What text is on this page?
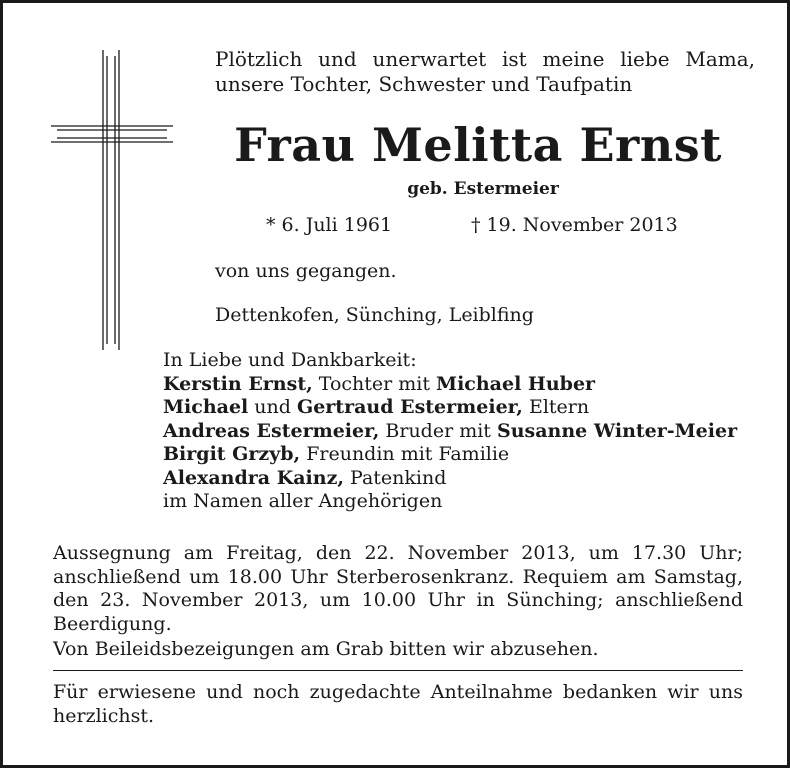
Plötzlich und unerwartet ist meine liebe Mama, unsere Tochter, Schwester und Taufpatin
Frau Melitta Ernst
geb. Estermeier
* 6. Juli 1961	† 19. November 2013
von uns gegangen.
Dettenkofen, Sünching, Leiblfing
In Liebe und Dankbarkeit:
Kerstin Ernst, Tochter mit Michael Huber
Michael und Gertraud Estermeier, Eltern
Andreas Estermeier, Bruder mit Susanne Winter-Meier
Birgit Grzyb, Freundin mit Familie
Alexandra Kainz, Patenkind
im Namen aller Angehörigen

Aussegnung am Freitag, den 22. November 2013, um 17.30 Uhr; anschließend um 18.00 Uhr Sterberosenkranz. Requiem am Samstag, den 23. November 2013, um 10.00 Uhr in Sünching; anschließend Beerdigung.

Von Beileidsbezeigungen am Grab bitten wir abzusehen.

Für erwiesene und noch zugedachte Anteilnahme bedanken wir uns herzlichst.
